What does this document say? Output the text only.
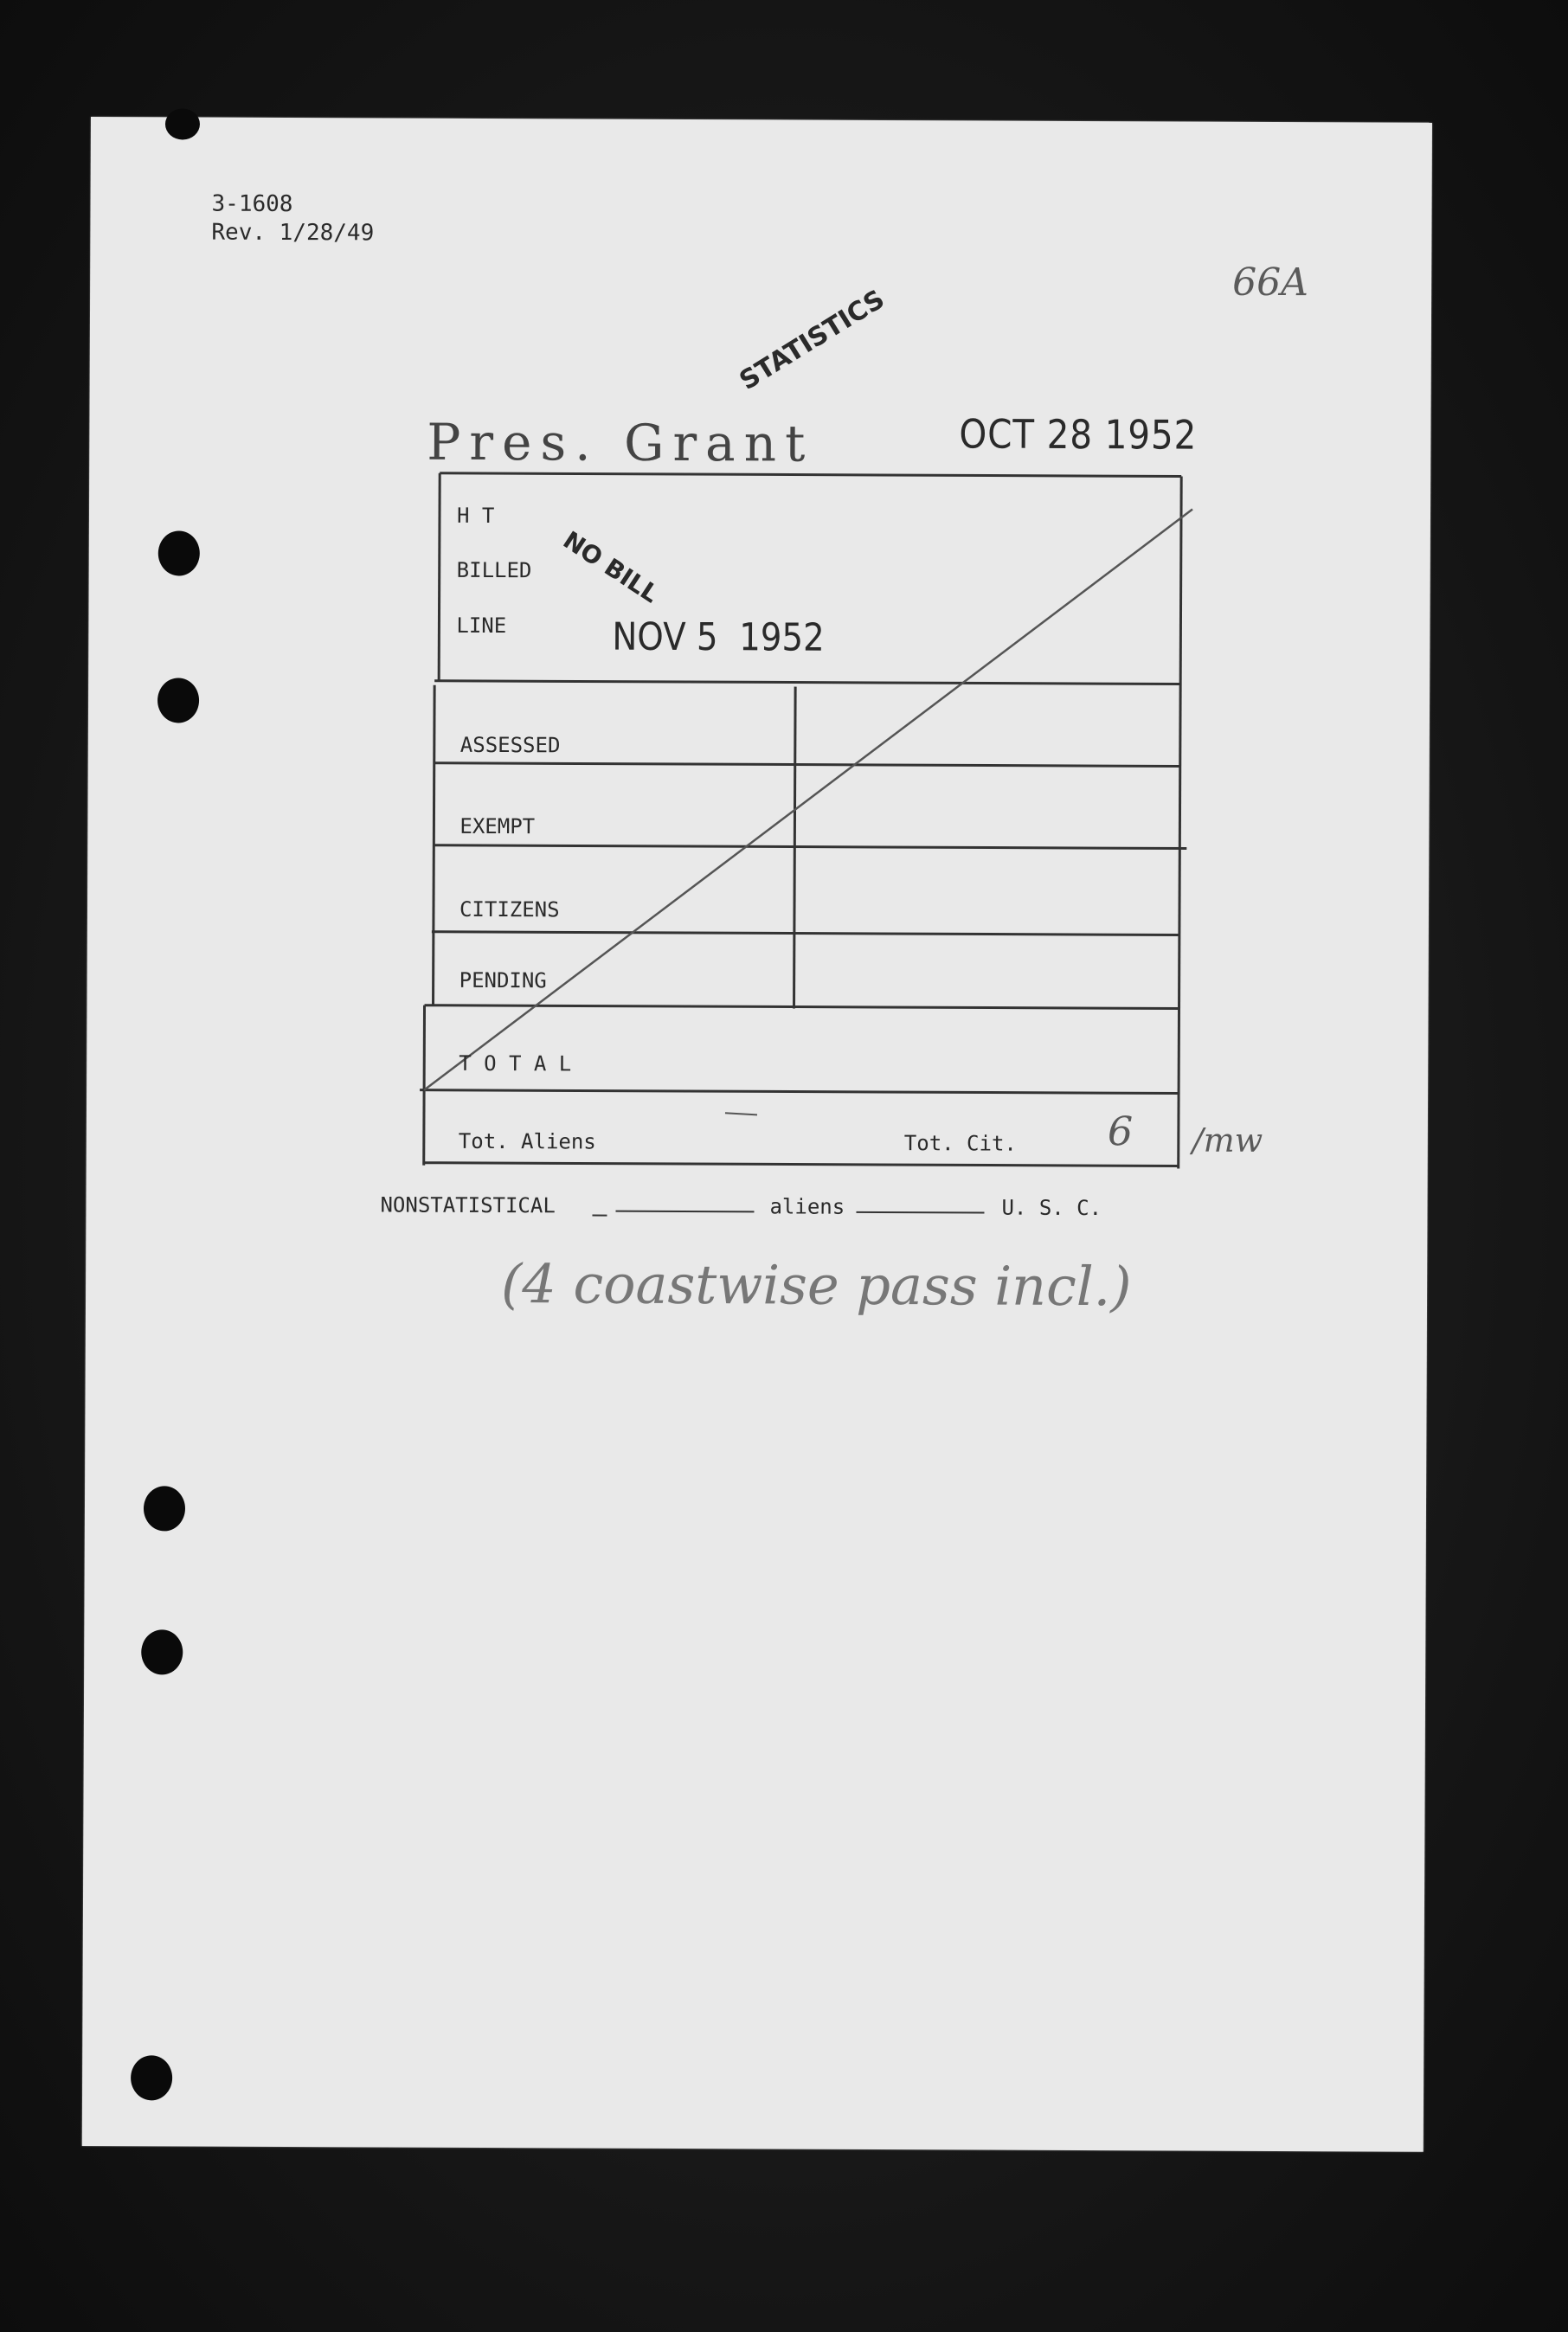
3-1608
Rev. 1/28/49
66A
STATISTICS
Pres. Grant	OCT 28 1952
H T
BILLED
LINE
NO BILL
NOV 5  1952
ASSESSED
EXEMPT
CITIZENS
PENDING
T O T A L
Tot. Aliens	Tot. Cit. 6 /mw
NONSTATISTICAL	aliens	U. S. C.
(4 coastwise pass incl.)
